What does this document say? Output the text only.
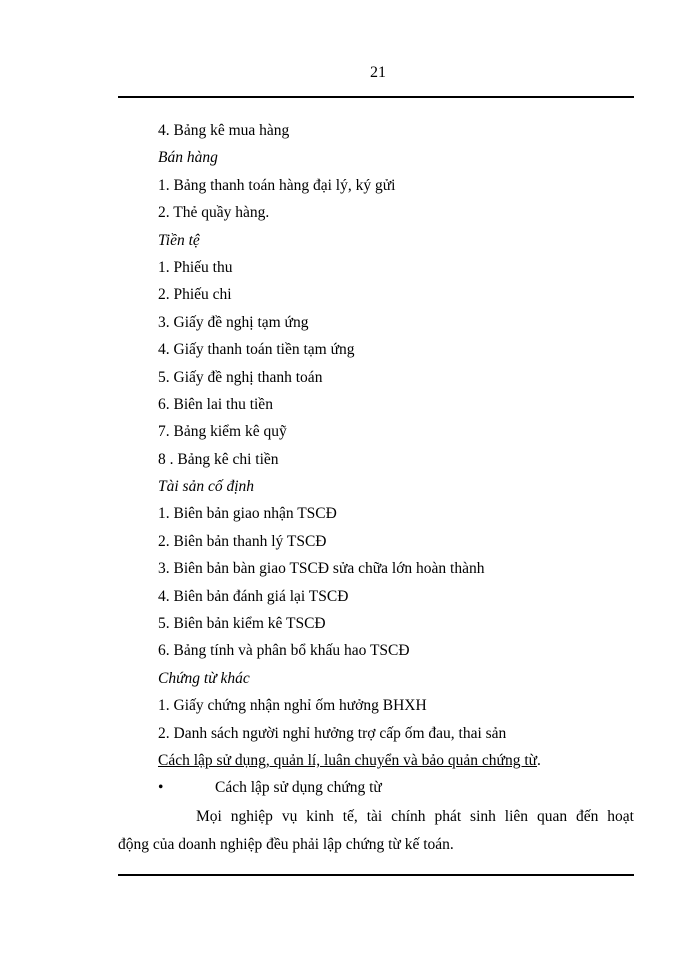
21
4. Bảng kê mua hàng
Bán hàng
1. Bảng thanh toán hàng đại lý, ký gửi
2. Thẻ quầy hàng.
Tiền tệ
1. Phiếu thu
2. Phiếu chi
3. Giấy đề nghị tạm ứng
4. Giấy thanh toán tiền tạm ứng
5. Giấy đề nghị thanh toán
6. Biên lai thu tiền
7. Bảng kiểm kê quỹ
8 . Bảng kê chi tiền
Tài sản cố định
1. Biên bản giao nhận TSCĐ
2. Biên bản thanh lý TSCĐ
3. Biên bản bàn giao TSCĐ sửa chữa lớn hoàn thành
4. Biên bản đánh giá lại TSCĐ
5. Biên bản kiểm kê TSCĐ
6. Bảng tính và phân bổ khấu hao TSCĐ
Chứng từ khác
1. Giấy chứng nhận nghỉ ốm hưởng BHXH
2. Danh sách người nghỉ hưởng trợ cấp ốm đau, thai sản
Cách lập sử dụng, quản lí, luân chuyển và bảo quản chứng từ.
•	Cách lập sử dụng chứng từ
Mọi nghiệp vụ kinh tế, tài chính phát sinh liên quan đến hoạt
động của doanh nghiệp đều phải lập chứng từ kế toán.
